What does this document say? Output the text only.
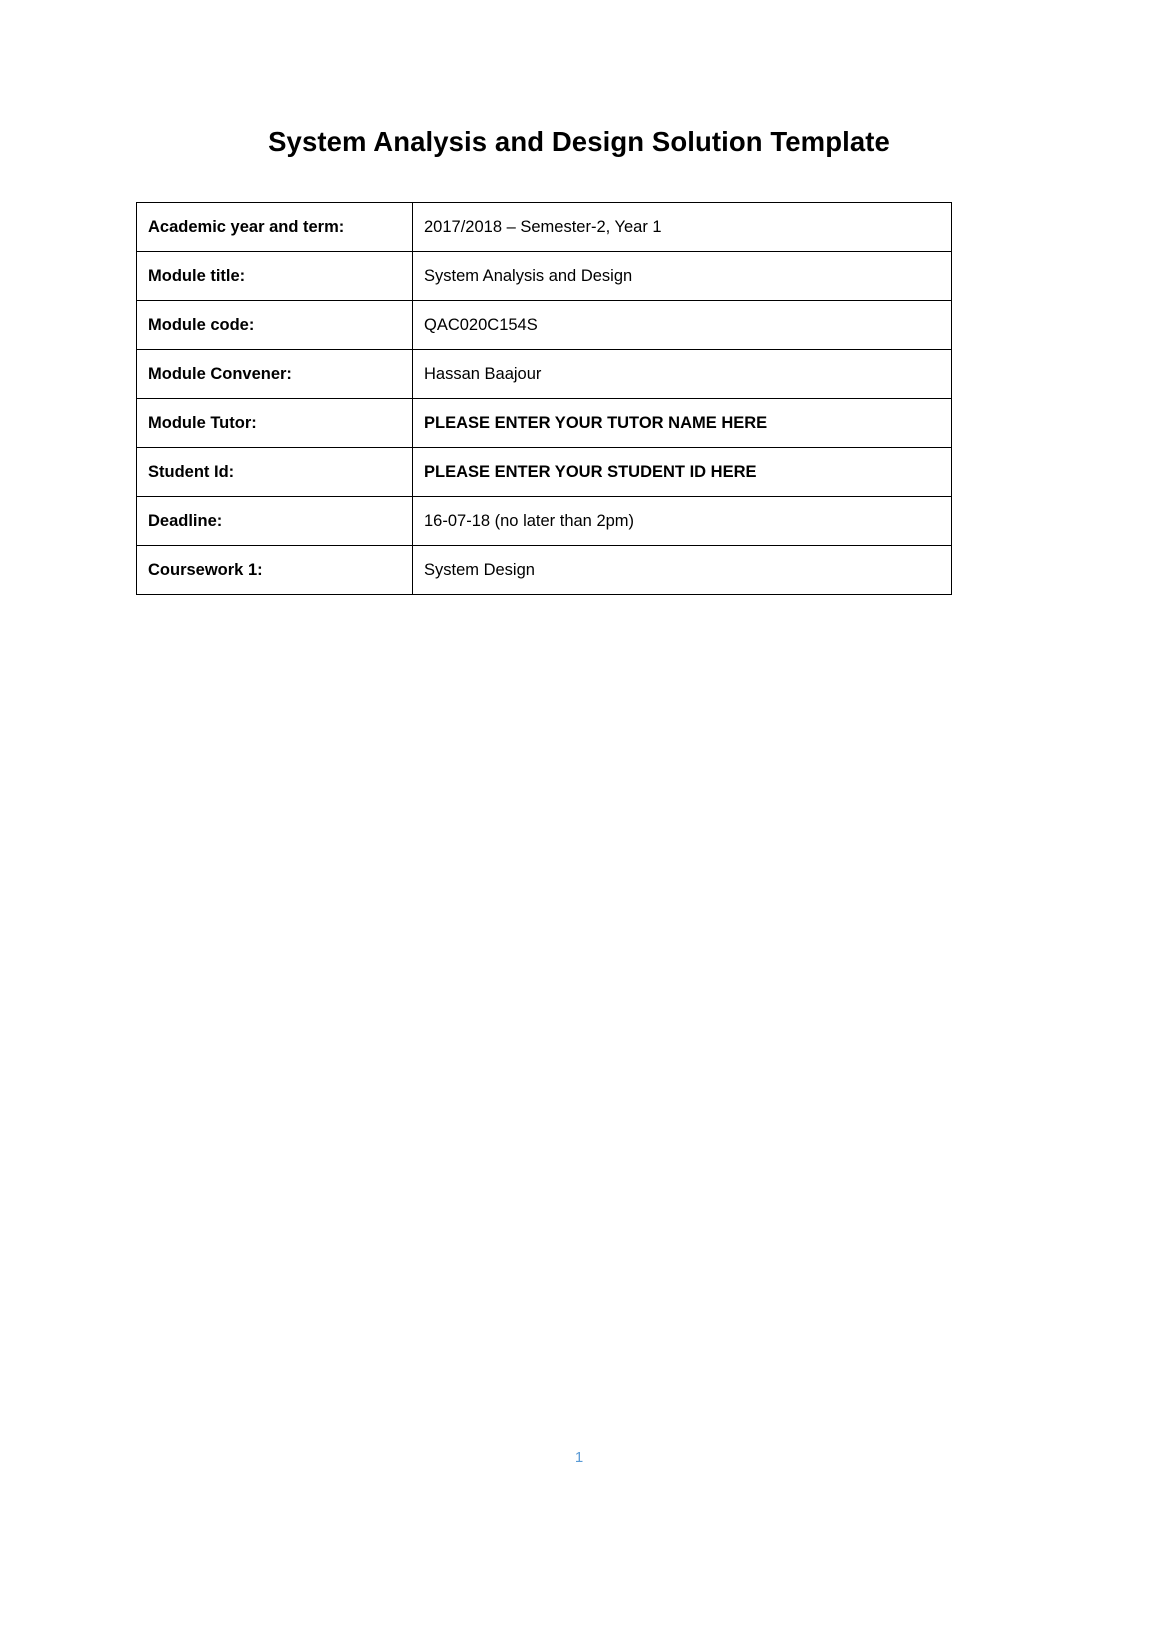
System Analysis and Design Solution Template
Academic year and term:	2017/2018 – Semester-2, Year 1
Module title:	System Analysis and Design
Module code:	QAC020C154S
Module Convener:	Hassan Baajour
Module Tutor:	PLEASE ENTER YOUR TUTOR NAME HERE
Student Id:	PLEASE ENTER YOUR STUDENT ID HERE
Deadline:	16-07-18 (no later than 2pm)
Coursework 1:	System Design
1
